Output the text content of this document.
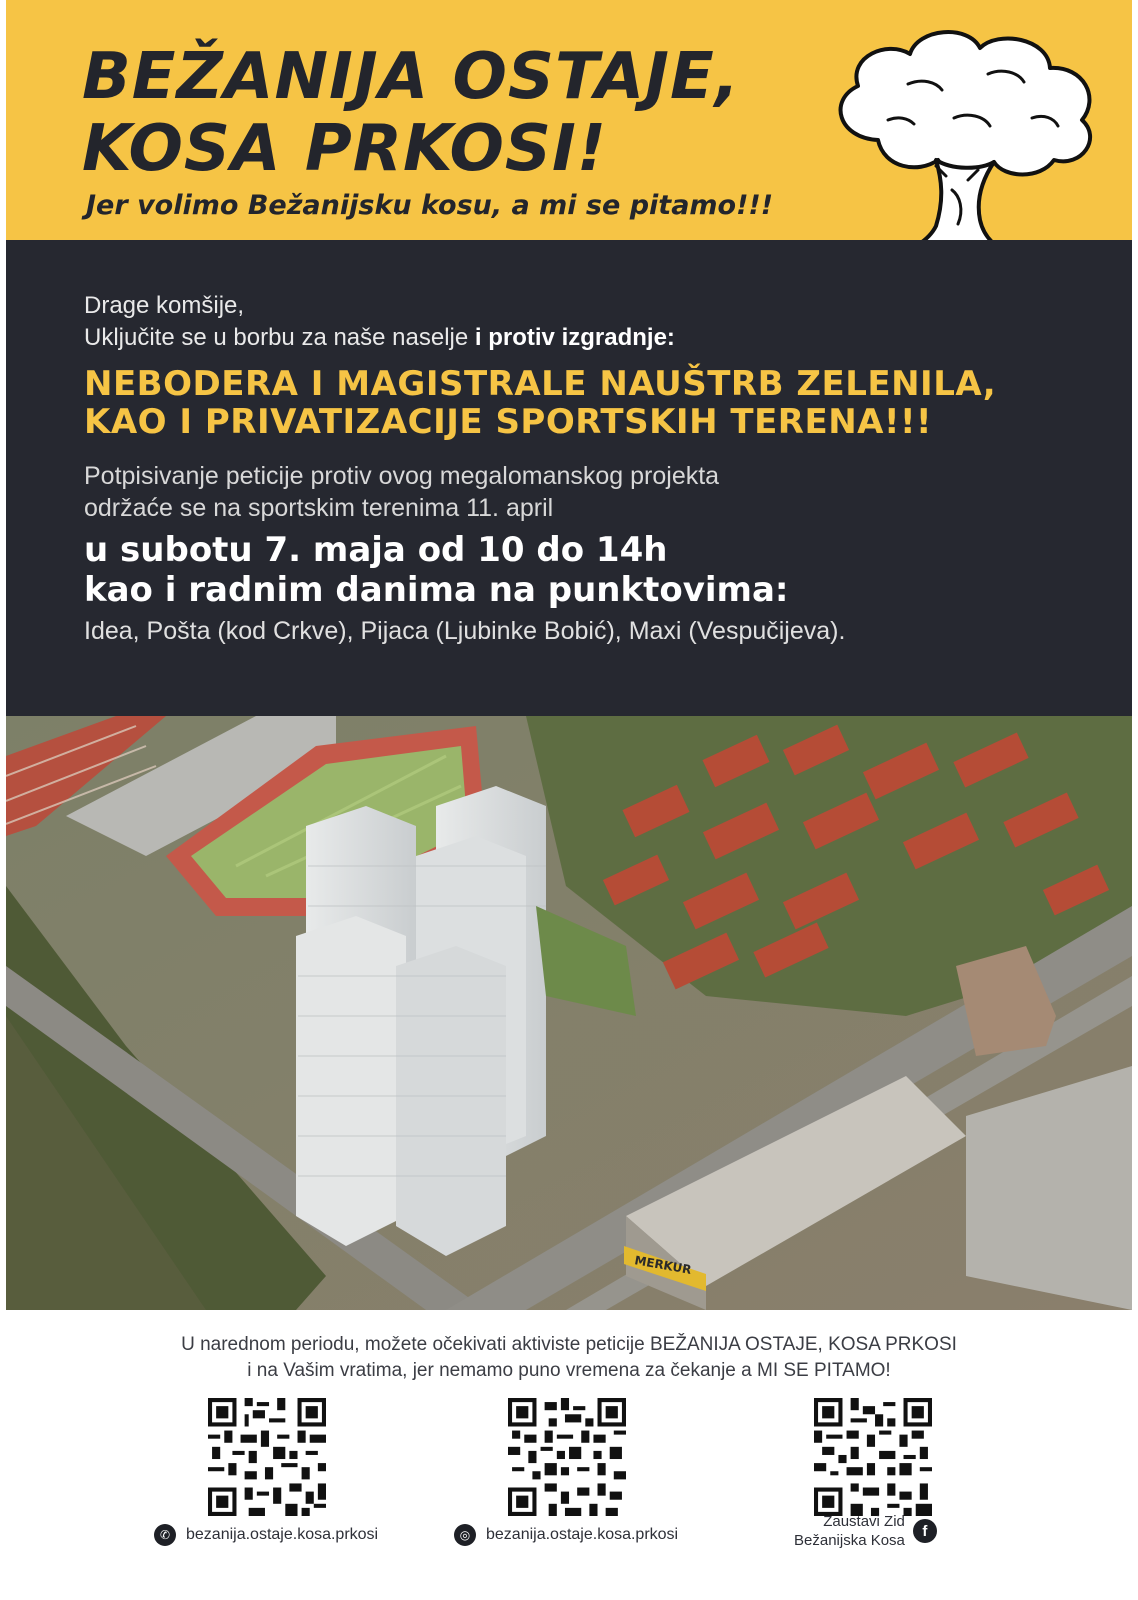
BEŽANIJA OSTAJE,
KOSA PRKOSI!
Jer volimo Bežanijsku kosu, a mi se pitamo!!!
Drage komšije,
Uključite se u borbu za naše naselje i protiv izgradnje:
NEBODERA I MAGISTRALE NAUŠTRB ZELENILA,
KAO I PRIVATIZACIJE SPORTSKIH TERENA!!!
Potpisivanje peticije protiv ovog megalomanskog projekta
održaće se na sportskim terenima 11. april
u subotu 7. maja od 10 do 14h
kao i radnim danima na punktovima:
Idea, Pošta (kod Crkve), Pijaca (Ljubinke Bobić), Maxi (Vespučijeva).
MERKUR
U narednom periodu, možete očekivati aktiviste peticije BEŽANIJA OSTAJE, KOSA PRKOSI
i na Vašim vratima, jer nemamo puno vremena za čekanje a MI SE PITAMO!
✆ bezanija.ostaje.kosa.prkosi	◎ bezanija.ostaje.kosa.prkosi
Zaustavi Zid
Bežanijska Kosa
f
